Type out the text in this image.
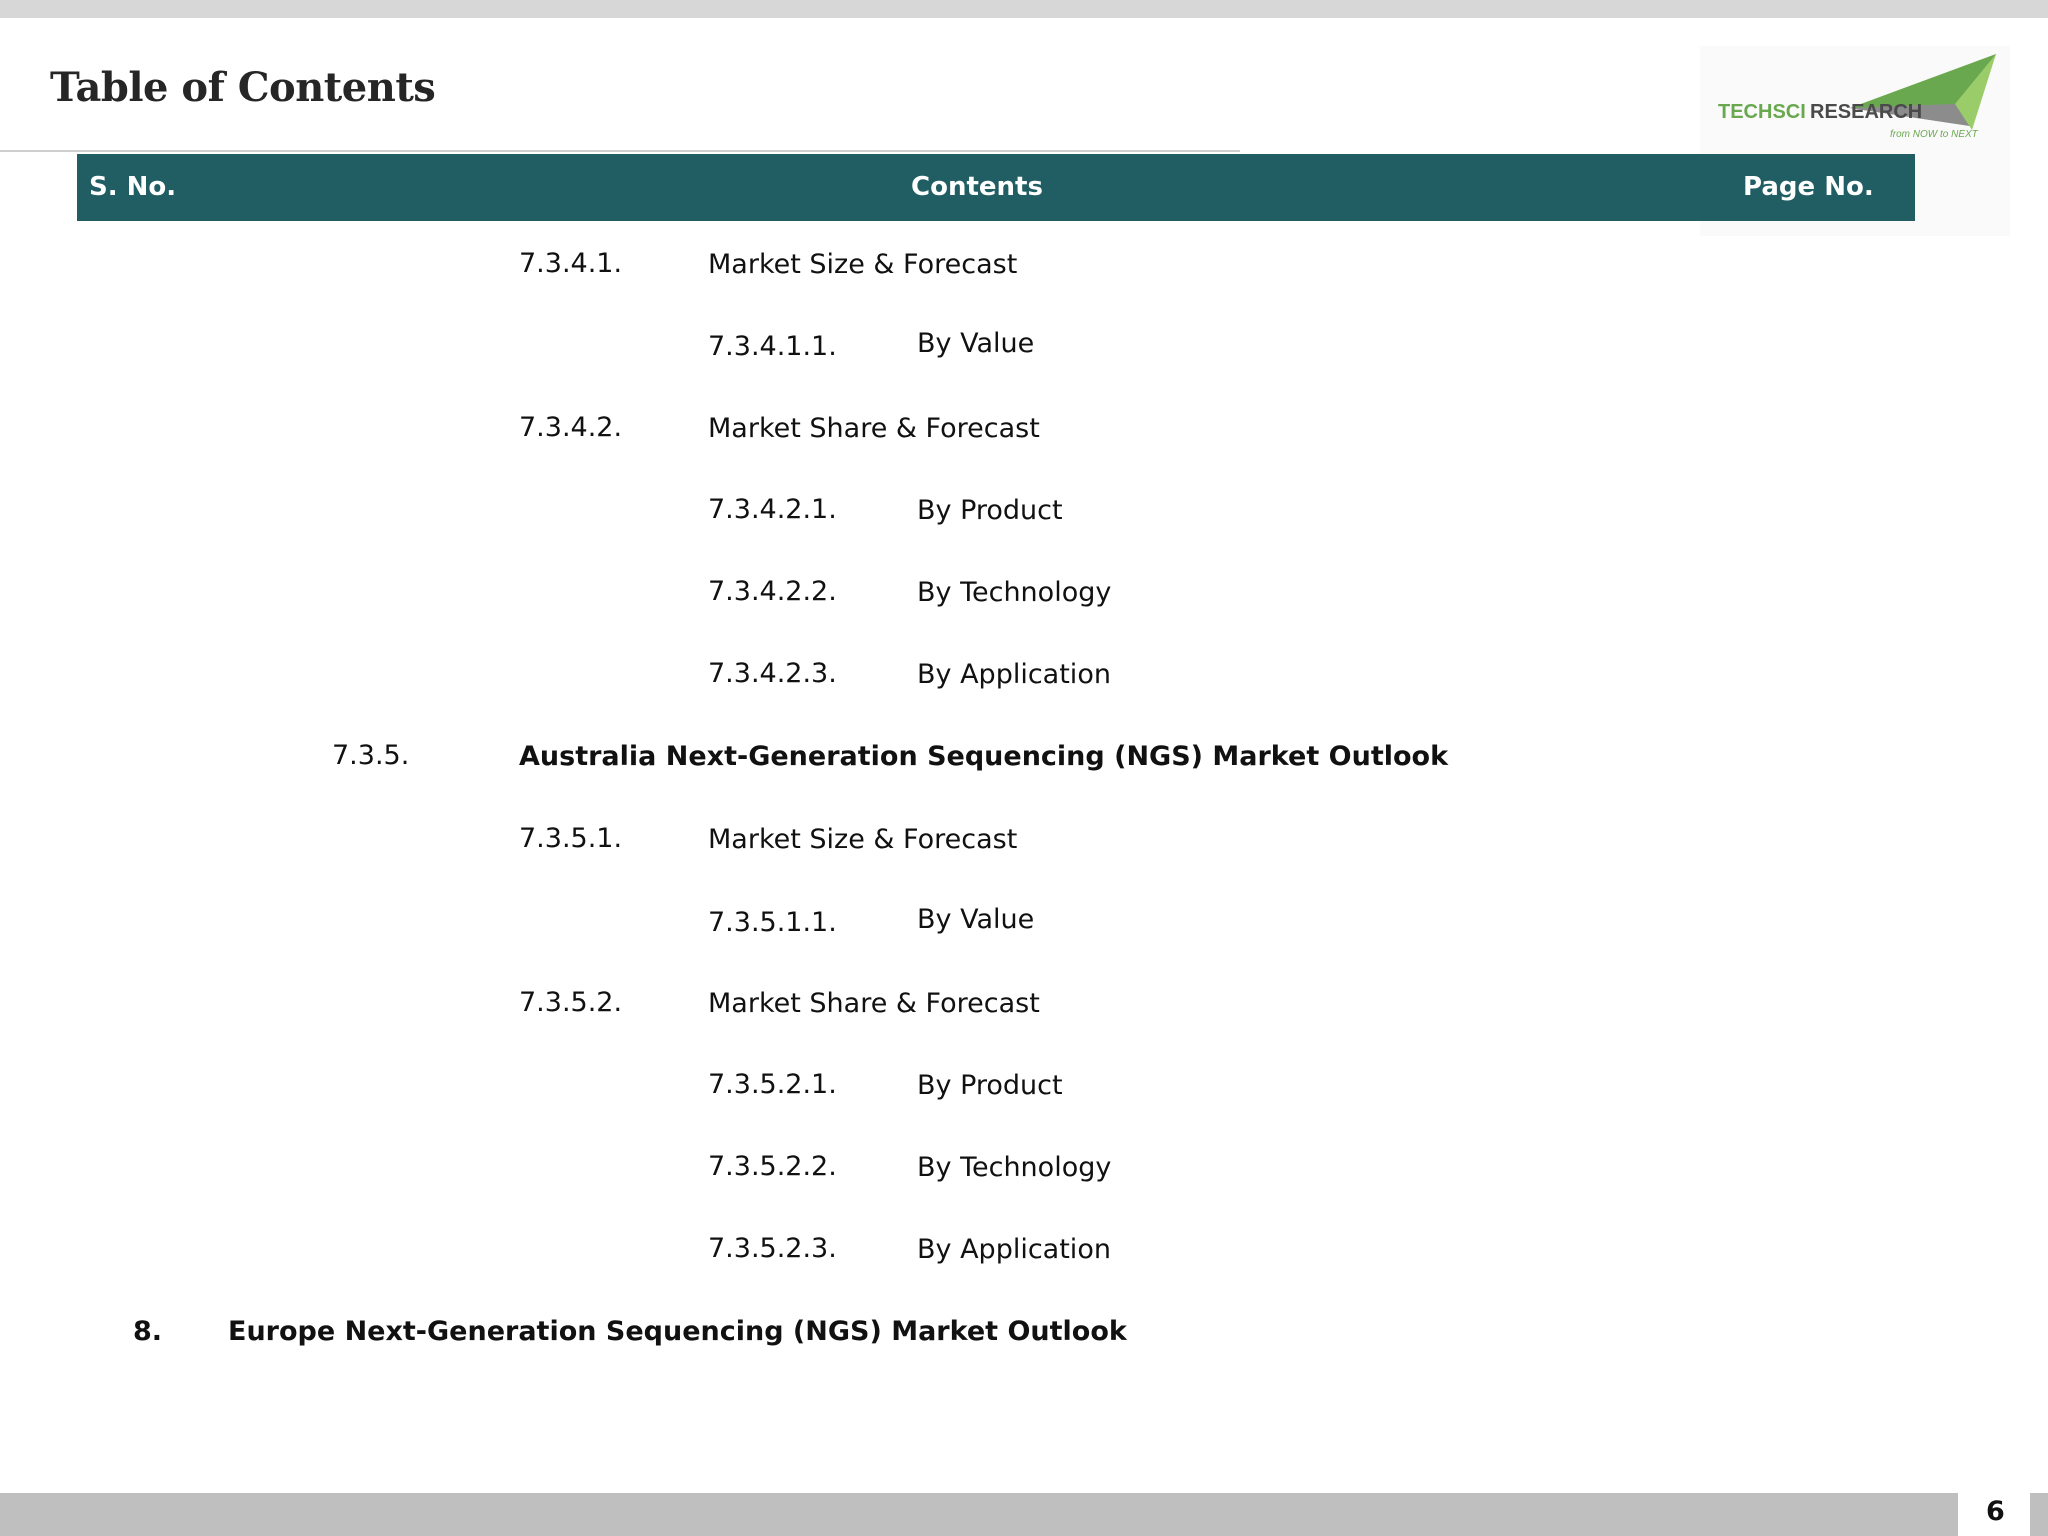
Table of Contents
TECHSCI RESEARCH
from NOW to NEXT
S. No.	Contents	Page No.
7.3.4.1.	Market Size & Forecast
7.3.4.1.1.	By Value
7.3.4.2.	Market Share & Forecast
7.3.4.2.1.	By Product
7.3.4.2.2.	By Technology
7.3.4.2.3.	By Application
7.3.5.	Australia Next-Generation Sequencing (NGS) Market Outlook
7.3.5.1.	Market Size & Forecast
7.3.5.1.1.	By Value
7.3.5.2.	Market Share & Forecast
7.3.5.2.1.	By Product
7.3.5.2.2.	By Technology
7.3.5.2.3.	By Application
8. Europe Next-Generation Sequencing (NGS) Market Outlook
6
